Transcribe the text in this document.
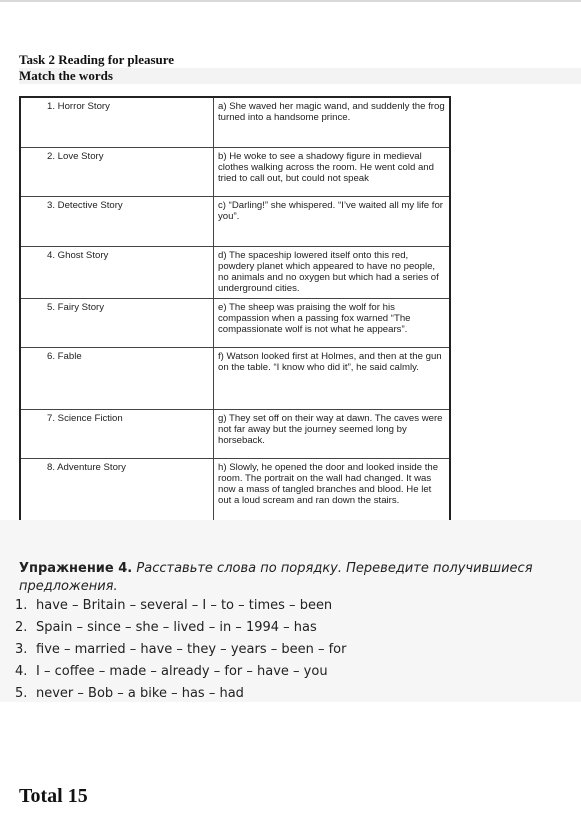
Task 2 Reading for pleasure
Match the words
1. Horror Story	a) She waved her magic wand, and suddenly the frog turned into a handsome prince.
2. Love Story	b) He woke to see a shadowy figure in medieval clothes walking across the room. He went cold and tried to call out, but could not speak
3. Detective Story	c) “Darling!” she whispered. “I’ve waited all my life for you”.
4. Ghost Story	d) The spaceship lowered itself onto this red, powdery planet which appeared to have no people, no animals and no oxygen but which had a series of underground cities.
5. Fairy Story	e) The sheep was praising the wolf for his compassion when a passing fox warned “The compassionate wolf is not what he appears”.
6. Fable	f) Watson looked first at Holmes, and then at the gun on the table. “I know who did it”, he said calmly.
7. Science Fiction	g) They set off on their way at dawn. The caves were not far away but the journey seemed long by horseback.
8. Adventure Story	h) Slowly, he opened the door and looked inside the room. The portrait on the wall had changed. It was now a mass of tangled branches and blood. He let out a loud scream and ran down the stairs.
Упражнение 4. Расставьте слова по порядку. Переведите получившиеся предложения.
1. have – Britain – several – I – to – times – been
2. Spain – since – she – lived – in – 1994 – has
3. five – married – have – they – years – been – for
4. I – coffee – made – already – for – have – you
5. never – Bob – a bike – has – had
Total 15
